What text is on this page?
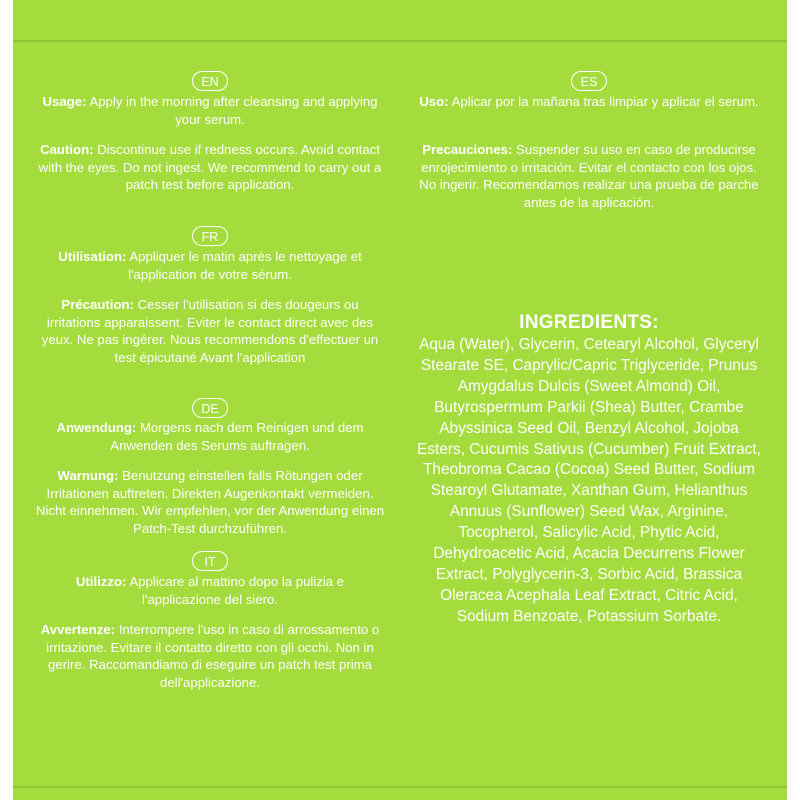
EN

Usage: Apply in the morning after cleansing and applying your serum.

Caution: Discontinue use if redness occurs. Avoid contact with the eyes. Do not ingest. We recommend to carry out a patch test before application.

FR

Utilisation: Appliquer le matin après le nettoyage et l'application de votre sérum.

Précaution: Cesser l'utilisation si des dougeurs ou irritations apparaissent. Eviter le contact direct avec des yeux. Ne pas ingérer. Nous recommendons d'effectuer un test épicutané Avant l'application

DE

Anwendung: Morgens nach dem Reinigen und dem Anwenden des Serums auftragen.

Warnung: Benutzung einstellen falls Rötungen oder Irritationen auftreten. Direkten Augenkontakt vermeiden. Nicht einnehmen. Wir empfehlen, vor der Anwendung einen Patch-Test durchzuführen.

IT

Utilizzo: Applicare al mattino dopo la pulizia e l'applicazione del siero.

Avvertenze: Interrompere l'uso in caso di arrossamento o irritazione. Evitare il contatto diretto con gli occhi. Non in gerire. Raccomandiamo di eseguire un patch test prima dell'applicazione.

ES

Uso: Aplicar por la mañana tras limpiar y aplicar el serum.

Precauciones: Suspender su uso en caso de producirse enrojecimiento o irritación. Evitar el contacto con los ojos. No ingerir. Recomendamos realizar una prueba de parche antes de la aplicación.

INGREDIENTS:
Aqua (Water), Glycerin, Cetearyl Alcohol, Glyceryl Stearate SE, Caprylic/Capric Triglyceride, Prunus Amygdalus Dulcis (Sweet Almond) Oil, Butyrospermum Parkii (Shea) Butter, Crambe Abyssinica Seed Oil, Benzyl Alcohol, Jojoba Esters, Cucumis Sativus (Cucumber) Fruit Extract, Theobroma Cacao (Cocoa) Seed Butter, Sodium Stearoyl Glutamate, Xanthan Gum, Helianthus Annuus (Sunflower) Seed Wax, Arginine, Tocopherol, Salicylic Acid, Phytic Acid, Dehydroacetic Acid, Acacia Decurrens Flower Extract, Polyglycerin-3, Sorbic Acid, Brassica Oleracea Acephala Leaf Extract, Citric Acid, Sodium Benzoate, Potassium Sorbate.
